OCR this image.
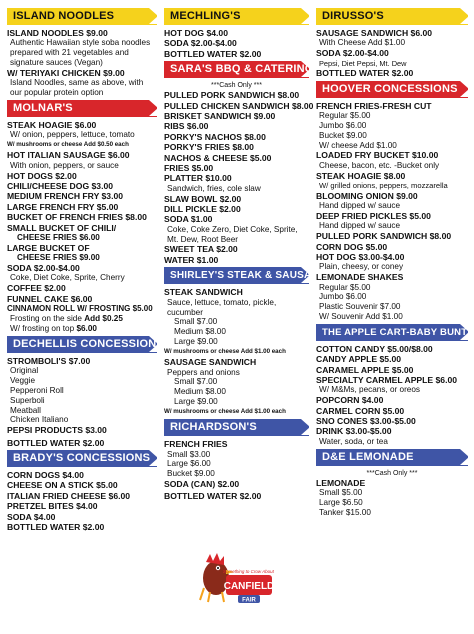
ISLAND NOODLES
ISLAND NOODLES $9.00
Authentic Hawaiian style soba noodles prepared with 21 vegetables and signature sauces (Vegan)
W/ TERIYAKI CHICKEN $9.00
Island Noodles, same as above, with our popular protein option
MOLNAR'S
STEAK HOAGIE $6.00
W/ onion, peppers, lettuce, tomato
W/ mushrooms or cheese Add $0.50 each
HOT ITALIAN SAUSAGE $6.00
With onion, peppers, or sauce
HOT DOGS $2.00
CHILI/CHEESE DOG $3.00
MEDIUM FRENCH FRY $3.00
LARGE FRENCH FRY $5.00
BUCKET OF FRENCH FRIES $8.00
SMALL BUCKET OF CHILI/
CHEESE FRIES $6.00
LARGE BUCKET OF
CHEESE FRIES $9.00
SODA $2.00-$4.00
Coke, Diet Coke, Sprite, Cherry
COFFEE $2.00
FUNNEL CAKE $6.00
CINNAMON ROLL W/ FROSTING $5.00
Frosting on the side Add $0.25
W/ frosting on top $6.00
DECHELLIS CONCESSIONS
STROMBOLI'S $7.00
Original
Veggie
Pepperoni Roll
Superboli
Meatball
Chicken Italiano
PEPSI PRODUCTS $3.00
BOTTLED WATER $2.00
BRADY'S CONCESSIONS
CORN DOGS $4.00
CHEESE ON A STICK $5.00
ITALIAN FRIED CHEESE $6.00
PRETZEL BITES $4.00
SODA $4.00
BOTTLED WATER $2.00
MECHLING'S
HOT DOG $4.00
SODA $2.00-$4.00
BOTTLED WATER $2.00
SARA'S BBQ & CATERING
***Cash Only ***
PULLED PORK SANDWICH $8.00
PULLED CHICKEN SANDWICH $8.00
BRISKET SANDWICH $9.00
RIBS $6.00
PORKY'S NACHOS $8.00
PORKY'S FRIES $8.00
NACHOS & CHEESE $5.00
FRIES $5.00
PLATTER $10.00
Sandwich, fries, cole slaw
SLAW BOWL $2.00
DILL PICKLE $2.00
SODA $1.00
Coke, Coke Zero, Diet Coke, Sprite, Mt. Dew, Root Beer
SWEET TEA $2.00
WATER $1.00
SHIRLEY'S STEAK & SAUSAGE
STEAK SANDWICH
Sauce, lettuce, tomato, pickle, cucumber
Small $7.00
Medium $8.00
Large $9.00
W/ mushrooms or cheese Add $1.00 each
SAUSAGE SANDWICH
Peppers and onions
Small $7.00
Medium $8.00
Large $9.00
W/ mushrooms or cheese Add $1.00 each
RICHARDSON'S
FRENCH FRIES
Small $3.00
Large $6.00
Bucket $9.00
SODA (CAN) $2.00
BOTTLED WATER $2.00
CANFIELD
Something to Crow About!
FAIR
DIRUSSO'S
SAUSAGE SANDWICH $6.00
With Cheese Add $1.00
SODA $2.00-$4.00
Pepsi, Diet Pepsi, Mt. Dew
BOTTLED WATER $2.00
HOOVER CONCESSIONS
FRENCH FRIES-FRESH CUT
Regular $5.00
Jumbo $6.00
Bucket $9.00
W/ cheese Add $1.00
LOADED FRY BUCKET $10.00
Cheese, bacon, etc. -Bucket only
STEAK HOAGIE $8.00
W/ grilled onions, peppers, mozzarella
BLOOMING ONION $9.00
Hand dipped w/ sauce
DEEP FRIED PICKLES $5.00
Hand dipped w/ sauce
PULLED PORK SANDWICH $8.00
CORN DOG $5.00
HOT DOG $3.00-$4.00
Plain, cheesy, or coney
LEMONADE SHAKES
Regular $5.00
Jumbo $6.00
Plastic Souvenir $7.00
W/ Souvenir Add $1.00
THE APPLE CART-BABY BUNTS
COTTON CANDY $5.00/$8.00
CANDY APPLE $5.00
CARAMEL APPLE $5.00
SPECIALTY CARMEL APPLE $6.00
W/ M&Ms, pecans, or oreos
POPCORN $4.00
CARMEL CORN $5.00
SNO CONES $3.00-$5.00
DRINK $3.00-$5.00
Water, soda, or tea
D&E LEMONADE
***Cash Only ***
LEMONADE
Small $5.00
Large $6.50
Tanker $15.00
